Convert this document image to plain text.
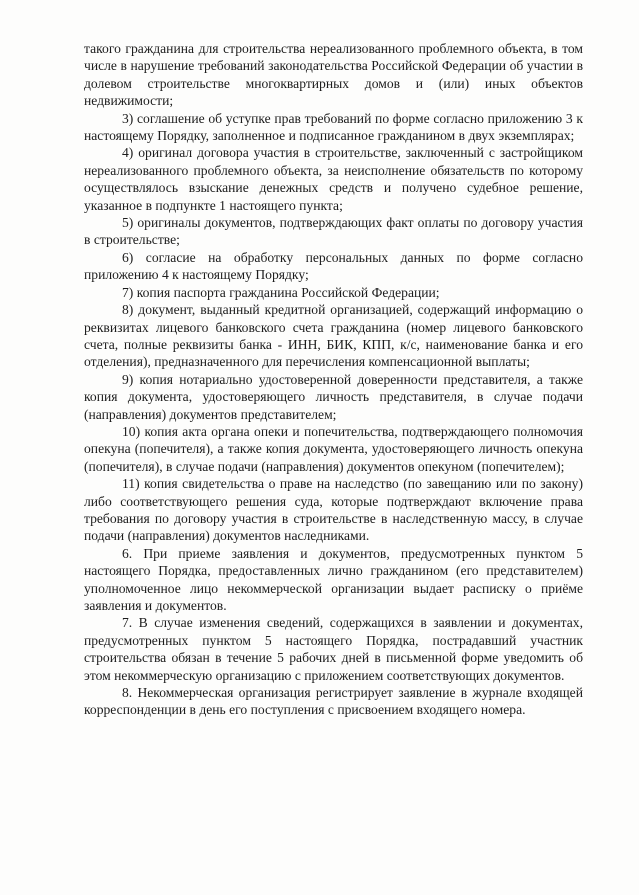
такого гражданина для строительства нереализованного проблемного объекта, в том числе в нарушение требований законодательства Российской Федерации об участии в долевом строительстве многоквартирных домов и (или) иных объектов недвижимости;

3) соглашение об уступке прав требований по форме согласно приложению 3 к настоящему Порядку, заполненное и подписанное гражданином в двух экземплярах;

4) оригинал договора участия в строительстве, заключенный с застройщиком нереализованного проблемного объекта, за неисполнение обязательств по которому осуществлялось взыскание денежных средств и получено судебное решение, указанное в подпункте 1 настоящего пункта;

5) оригиналы документов, подтверждающих факт оплаты по договору участия в строительстве;

6) согласие на обработку персональных данных по форме согласно приложению 4 к настоящему Порядку;

7) копия паспорта гражданина Российской Федерации;

8) документ, выданный кредитной организацией, содержащий информацию о реквизитах лицевого банковского счета гражданина (номер лицевого банковского счета, полные реквизиты банка - ИНН, БИК, КПП, к/с, наименование банка и его отделения), предназначенного для перечисления компенсационной выплаты;

9) копия нотариально удостоверенной доверенности представителя, а также копия документа, удостоверяющего личность представителя, в случае подачи (направления) документов представителем;

10) копия акта органа опеки и попечительства, подтверждающего полномочия опекуна (попечителя), а также копия документа, удостоверяющего личность опекуна (попечителя), в случае подачи (направления) документов опекуном (попечителем);

11) копия свидетельства о праве на наследство (по завещанию или по закону) либо соответствующего решения суда, которые подтверждают включение права требования по договору участия в строительстве в наследственную массу, в случае подачи (направления) документов наследниками.

6. При приеме заявления и документов, предусмотренных пунктом 5 настоящего Порядка, предоставленных лично гражданином (его представителем) уполномоченное лицо некоммерческой организации выдает расписку о приёме заявления и документов.

7. В случае изменения сведений, содержащихся в заявлении и документах, предусмотренных пунктом 5 настоящего Порядка, пострадавший участник строительства обязан в течение 5 рабочих дней в письменной форме уведомить об этом некоммерческую организацию с приложением соответствующих документов.

8. Некоммерческая организация регистрирует заявление в журнале входящей корреспонденции в день его поступления с присвоением входящего номера.
